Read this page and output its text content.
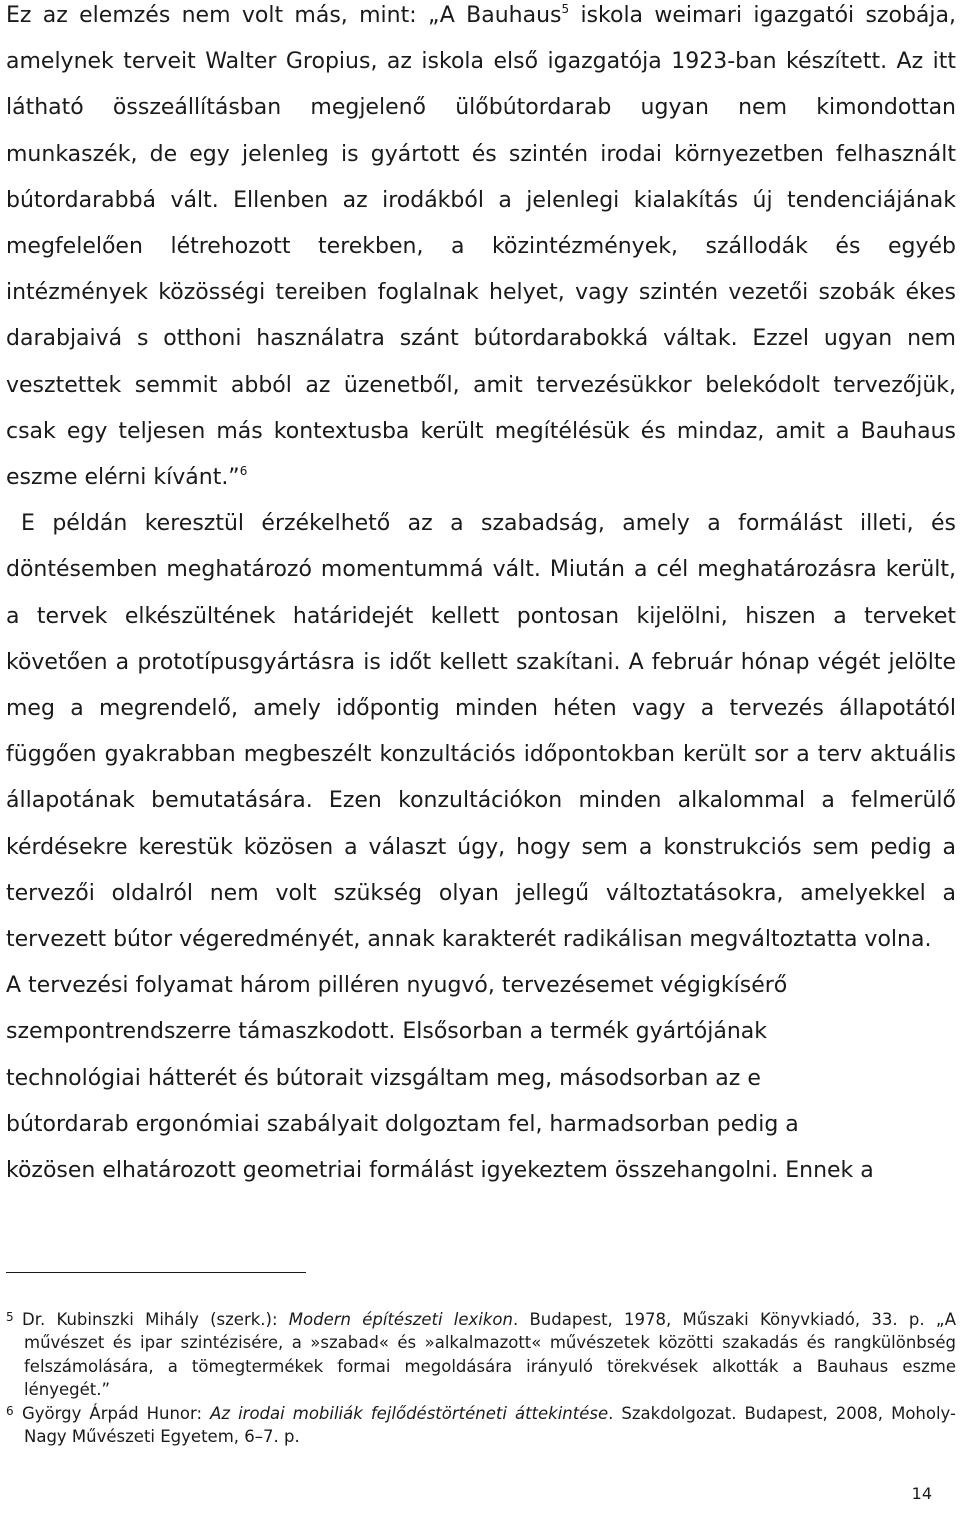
Ez az elemzés nem volt más, mint: „A Bauhaus$^5$ iskola weimari igazgatói szobája, amelynek terveit Walter Gropius, az iskola első igazgatója 1923-ban készített. Az itt látható összeállításban megjelenő ülőbútordarab ugyan nem kimondottan munkaszék, de egy jelenleg is gyártott és szintén irodai környezetben felhasznált bútordarabbá vált. Ellenben az irodákból a jelenlegi kialakítás új tendenciájának megfelelően létrehozott terekben, a közintézmények, szállodák és egyéb intézmények közösségi tereiben foglalnak helyet, vagy szintén vezetői szobák ékes darabjaivá s otthoni használatra szánt bútordarabokká váltak. Ezzel ugyan nem vesztettek semmit abból az üzenetből, amit tervezésükkor belekódolt tervezőjük, csak egy teljesen más kontextusba került megítélésük és mindaz, amit a Bauhaus eszme elérni kívánt.”$^6$

E példán keresztül érzékelhető az a szabadság, amely a formálást illeti, és döntésemben meghatározó momentummá vált. Miután a cél meghatározásra került, a tervek elkészültének határidejét kellett pontosan kijelölni, hiszen a terveket követően a prototípusgyártásra is időt kellett szakítani. A február hónap végét jelölte meg a megrendelő, amely időpontig minden héten vagy a tervezés állapotától függően gyakrabban megbeszélt konzultációs időpontokban került sor a terv aktuális állapotának bemutatására. Ezen konzultációkon minden alkalommal a felmerülő kérdésekre kerestük közösen a választ úgy, hogy sem a konstrukciós sem pedig a tervezői oldalról nem volt szükség olyan jellegű változtatásokra, amelyekkel a tervezett bútor végeredményét, annak karakterét radikálisan megváltoztatta volna.

A tervezési folyamat három pilléren nyugvó, tervezésemet végigkísérő
szempontrendszerre támaszkodott. Elsősorban a termék gyártójának
technológiai hátterét és bútorait vizsgáltam meg, másodsorban az e
bútordarab ergonómiai szabályait dolgoztam fel, harmadsorban pedig a
közösen elhatározott geometriai formálást igyekeztem összehangolni. Ennek a

5 Dr. Kubinszki Mihály (szerk.): Modern építészeti lexikon. Budapest, 1978, Műszaki Könyvkiadó, 33. p. „A művészet és ipar szintézisére, a »szabad« és »alkalmazott« művészetek közötti szakadás és rangkülönbség felszámolására, a tömegtermékek formai megoldására irányuló törekvések alkották a Bauhaus eszme lényegét.”

6 György Árpád Hunor: Az irodai mobiliák fejlődéstörténeti áttekintése. Szakdolgozat. Budapest, 2008, Moholy-Nagy Művészeti Egyetem, 6–7. p.

14
